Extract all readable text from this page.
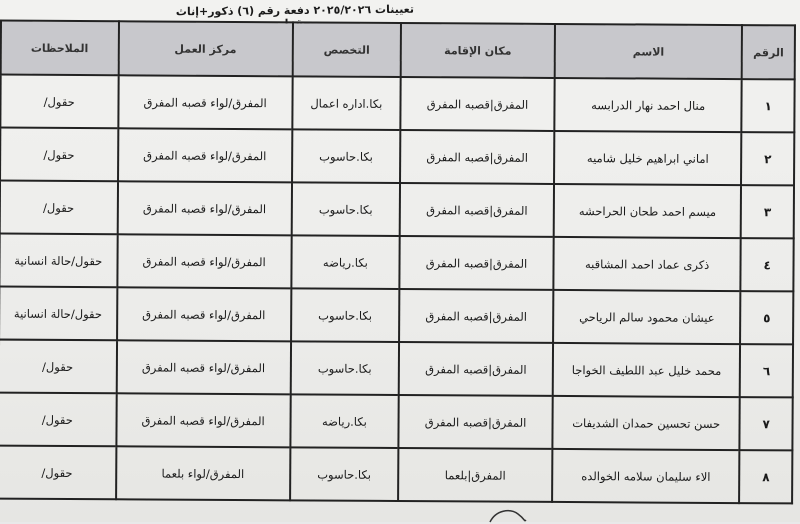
تعيينات ٢٠٢٥/٢٠٢٦ دفعة رقم (٦) ذكور+إناث
الرقم	الاسم	مكان الإقامة	التخصص	مركز العمل	الملاحظات
١	منال احمد نهار الدرابسه	المفرق|قصبه المفرق	بكا.اداره اعمال	المفرق/لواء قصبه المفرق	حقول/
٢	اماني ابراهيم خليل شاميه	المفرق|قصبه المفرق	بكا.حاسوب	المفرق/لواء قصبه المفرق	حقول/
٣	ميسم احمد طحان الحراحشه	المفرق|قصبه المفرق	بكا.حاسوب	المفرق/لواء قصبه المفرق	حقول/
٤	ذكرى عماد احمد المشاقبه	المفرق|قصبه المفرق	بكا.رياضه	المفرق/لواء قصبه المفرق	حقول/حالة انسانية
٥	عيشان محمود سالم الرياحي	المفرق|قصبه المفرق	بكا.حاسوب	المفرق/لواء قصبه المفرق	حقول/حالة انسانية
٦	محمد خليل عبد اللطيف الخواجا	المفرق|قصبه المفرق	بكا.حاسوب	المفرق/لواء قصبه المفرق	حقول/
٧	حسن تحسين حمدان الشديفات	المفرق|قصبه المفرق	بكا.رياضه	المفرق/لواء قصبه المفرق	حقول/
٨	الاء سليمان سلامه الخوالده	المفرق|بلعما	بكا.حاسوب	المفرق/لواء بلعما	حقول/
